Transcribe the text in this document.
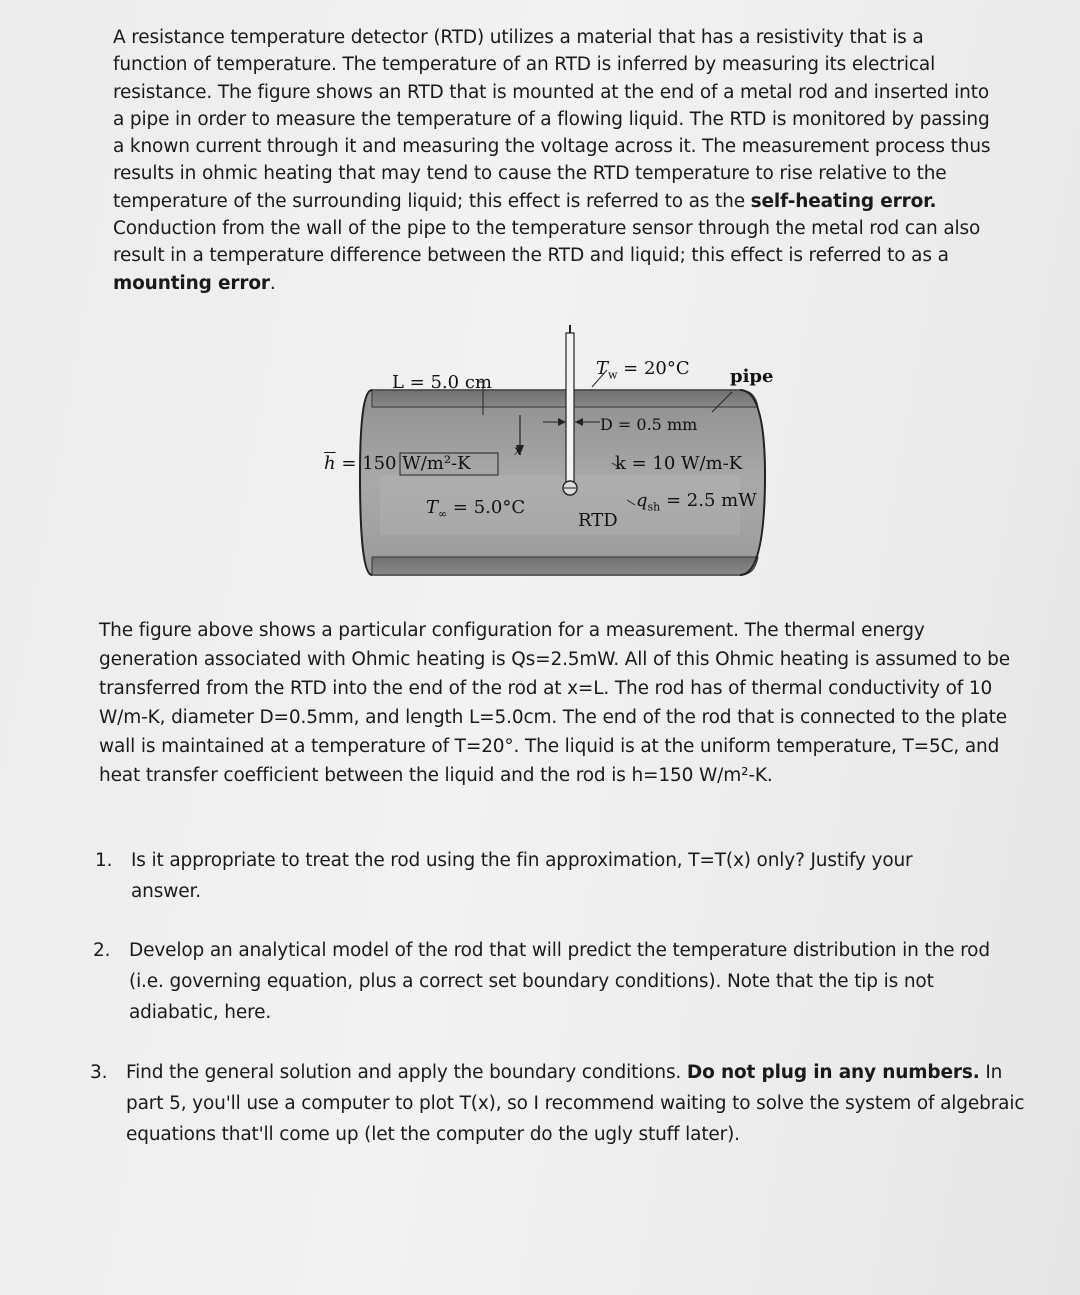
A resistance temperature detector (RTD) utilizes a material that has a resistivity that is a function of temperature. The temperature of an RTD is inferred by measuring its electrical resistance. The figure shows an RTD that is mounted at the end of a metal rod and inserted into a pipe in order to measure the temperature of a flowing liquid. The RTD is monitored by passing a known current through it and measuring the voltage across it. The measurement process thus results in ohmic heating that may tend to cause the RTD temperature to rise relative to the temperature of the surrounding liquid; this effect is referred to as the self-heating error. Conduction from the wall of the pipe to the temperature sensor through the metal rod can also result in a temperature difference between the RTD and liquid; this effect is referred to as a mounting error.
L = 5.0 cm
$T_w = 20^\circ C$ pipe
D = 0.5 mm
$\overline{h} = 150$ W/m²-K
x
k = 10 W/m-K
$T_\infty = 5.0^\circ C$	$q_{sh} = 2.5$ mW
RTD
The figure above shows a particular configuration for a measurement. The thermal energy generation associated with Ohmic heating is Qs=2.5mW. All of this Ohmic heating is assumed to be transferred from the RTD into the end of the rod at x=L. The rod has of thermal conductivity of 10 W/m-K, diameter D=0.5mm, and length L=5.0cm. The end of the rod that is connected to the plate wall is maintained at a temperature of T=20°. The liquid is at the uniform temperature, T=5C, and heat transfer coefficient between the liquid and the rod is h=150 W/m²-K.
1. Is it appropriate to treat the rod using the fin approximation, T=T(x) only? Justify your answer.
2. Develop an analytical model of the rod that will predict the temperature distribution in the rod (i.e. governing equation, plus a correct set boundary conditions). Note that the tip is not adiabatic, here.
3. Find the general solution and apply the boundary conditions. Do not plug in any numbers. In part 5, you'll use a computer to plot T(x), so I recommend waiting to solve the system of algebraic equations that'll come up (let the computer do the ugly stuff later).
